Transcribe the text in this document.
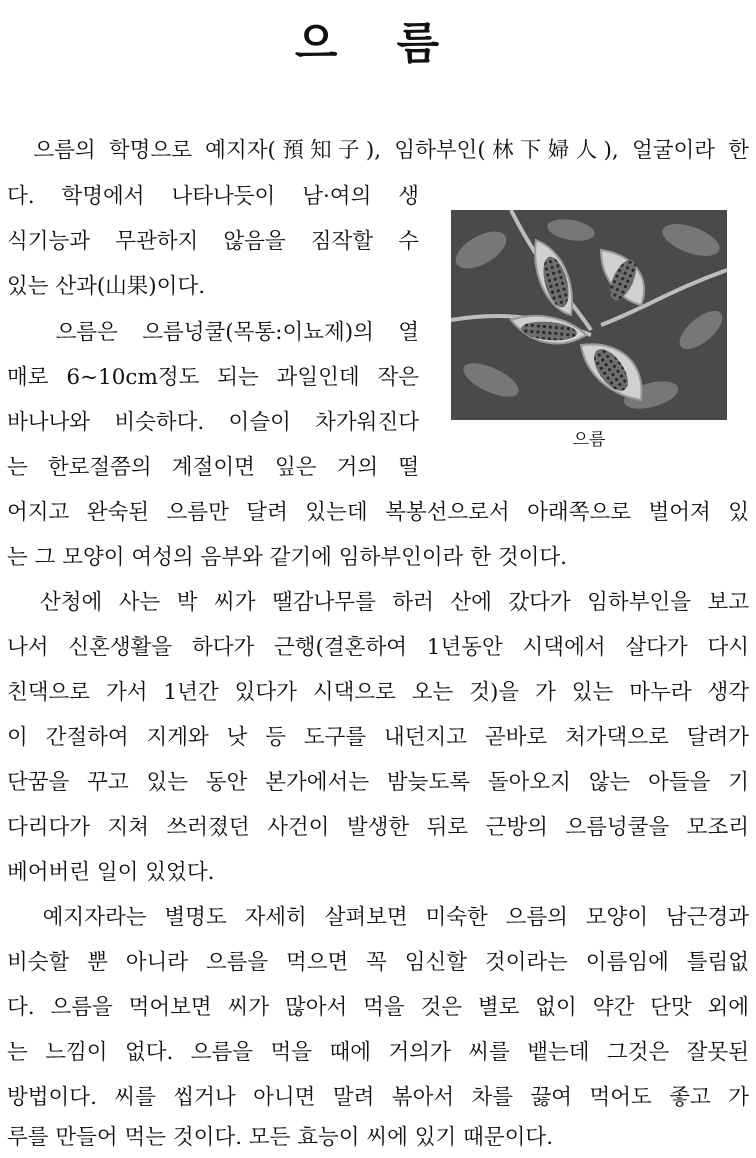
으 름
으름의 학명으로 예지자(預知子), 임하부인(林下婦人), 얼굴이라 한
다. 학명에서 나타나듯이 남·여의 생
식기능과 무관하지 않음을 짐작할 수
있는 산과(山果)이다.
으름은 으름넝쿨(목통:이뇨제)의 열
매로 6~10cm정도 되는 과일인데 작은
바나나와 비슷하다. 이슬이 차가워진다
는 한로절쯤의 계절이면 잎은 거의 떨
어지고 완숙된 으름만 달려 있는데 복봉선으로서 아래쪽으로 벌어져 있
는 그 모양이 여성의 음부와 같기에 임하부인이라 한 것이다.
산청에 사는 박 씨가 땔감나무를 하러 산에 갔다가 임하부인을 보고
나서 신혼생활을 하다가 근행(결혼하여 1년동안 시댁에서 살다가 다시
친댁으로 가서 1년간 있다가 시댁으로 오는 것)을 가 있는 마누라 생각
이 간절하여 지게와 낫 등 도구를 내던지고 곧바로 처가댁으로 달려가
단꿈을 꾸고 있는 동안 본가에서는 밤늦도록 돌아오지 않는 아들을 기
다리다가 지쳐 쓰러졌던 사건이 발생한 뒤로 근방의 으름넝쿨을 모조리
베어버린 일이 있었다.
예지자라는 별명도 자세히 살펴보면 미숙한 으름의 모양이 남근경과
비슷할 뿐 아니라 으름을 먹으면 꼭 임신할 것이라는 이름임에 틀림없
다. 으름을 먹어보면 씨가 많아서 먹을 것은 별로 없이 약간 단맛 외에
는 느낌이 없다. 으름을 먹을 때에 거의가 씨를 뱉는데 그것은 잘못된
방법이다. 씨를 씹거나 아니면 말려 볶아서 차를 끓여 먹어도 좋고 가
루를 만들어 먹는 것이다. 모든 효능이 씨에 있기 때문이다.
으름
